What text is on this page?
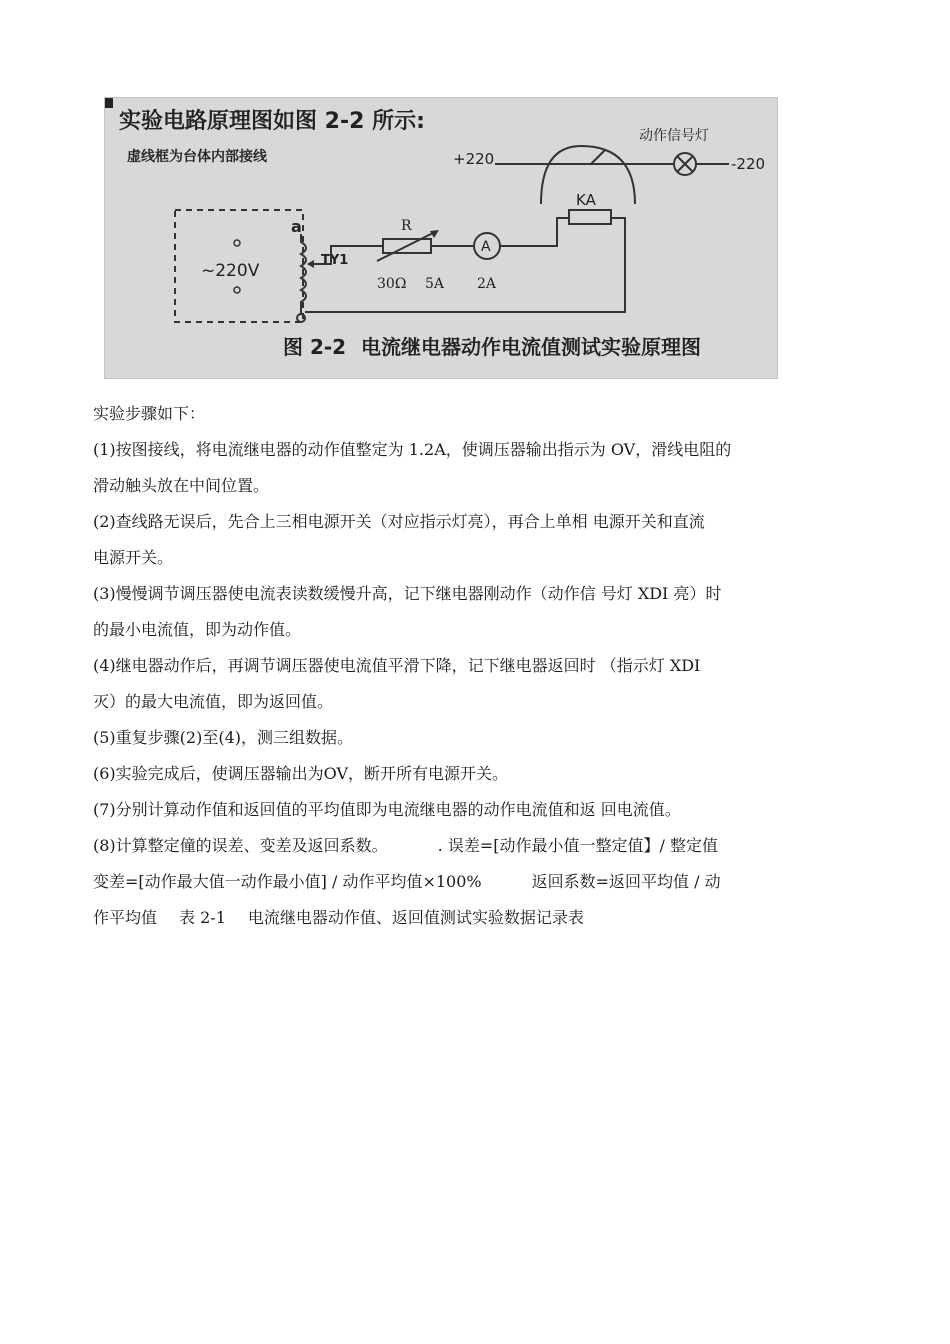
实验电路原理图如图 2-2 所示:
虚线框为台体内部接线
动作信号灯
+220	-220
KA
a
~220V
TY1
R
30Ω 5A
A
2A
图 2-2 电流继电器动作电流值测试实验原理图

实验步骤如下：

(1)按图接线，将电流继电器的动作值整定为 1.2A，使调压器输出指示为 OV，滑线电阻的

滑动触头放在中间位置。

(2)查线路无误后，先合上三相电源开关（对应指示灯亮），再合上单相 电源开关和直流

电源开关。

(3)慢慢调节调压器使电流表读数缓慢升高，记下继电器刚动作（动作信 号灯 XDI 亮）时

的最小电流值，即为动作值。

(4)继电器动作后，再调节调压器使电流值平滑下降，记下继电器返回时 （指示灯 XDI

灭）的最大电流值，即为返回值。

(5)重复步骤(2)至(4)，测三组数据。

(6)实验完成后，使调压器输出为OV，断开所有电源开关。

(7)分别计算动作值和返回值的平均值即为电流继电器的动作电流值和返 回电流值。

(8)计算整定僮的误差、变差及返回系数。	. 误差=[动作最小值一整定值】/ 整定值

变差=[动作最大值一动作最小值] / 动作平均值×100%	返回系数=返回平均值 / 动

作平均值 表 2-1 电流继电器动作值、返回值测试实验数据记录表
